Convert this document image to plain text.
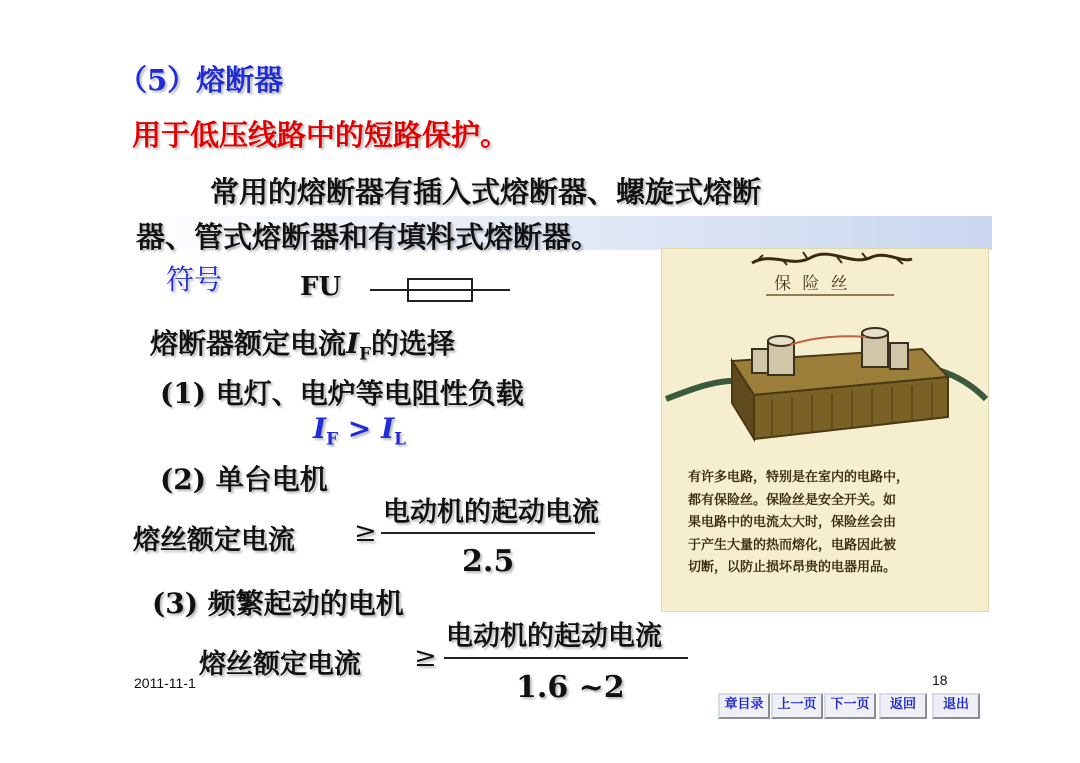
（5）熔断器
用于低压线路中的短路保护。
常用的熔断器有插入式熔断器、螺旋式熔断
器、管式熔断器和有填料式熔断器。
符号	FU
熔断器额定电流$I_F$的选择
(1) 电灯、电炉等电阻性负载
$I_F > I_L$
(2) 单台电机
电动机的起动电流
熔丝额定电流 ≥
2.5
(3) 频繁起动的电机
电动机的起动电流
熔丝额定电流 ≥
1.6 ~2
保 险 丝
有许多电路，特别是在室内的电路中，
都有保险丝。保险丝是安全开关。如
果电路中的电流太大时，保险丝会由
于产生大量的热而熔化，电路因此被
切断，以防止损坏昂贵的电器用品。
2011-11-1	18
章目录	上一页	下一页	返回	退出
